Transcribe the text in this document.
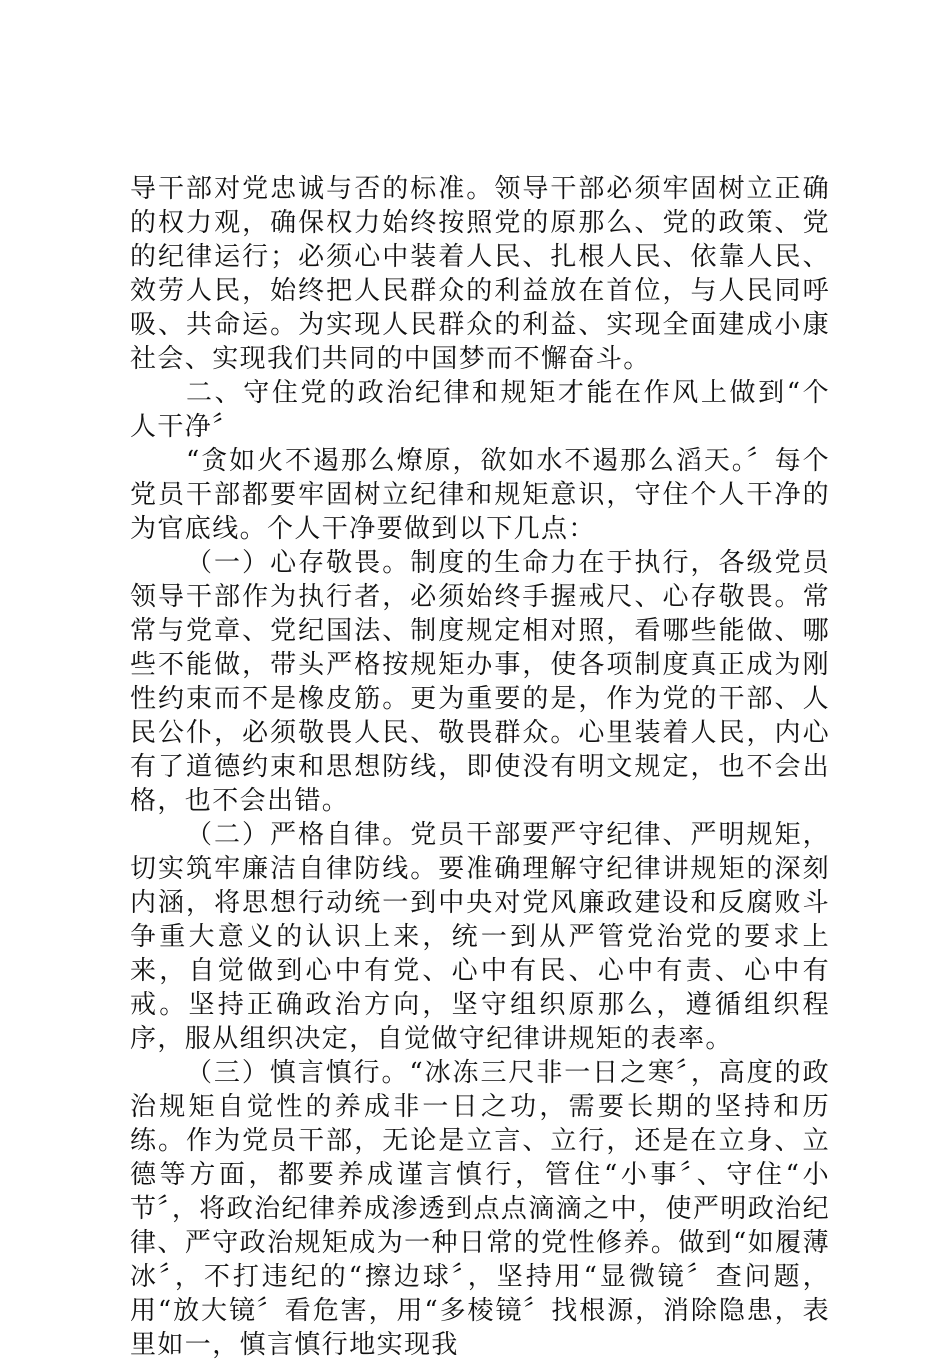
导干部对党忠诚与否的标准。领导干部必须牢固树立正确的权力观，确保权力始终按照党的原那么、党的政策、党的纪律运行；必须心中装着人民、扎根人民、依靠人民、效劳人民，始终把人民群众的利益放在首位，与人民同呼吸、共命运。为实现人民群众的利益、实现全面建成小康社会、实现我们共同的中国梦而不懈奋斗。

二、守住党的政治纪律和规矩才能在作风上做到“个人干净〞

“贪如火不遏那么燎原，欲如水不遏那么滔天。〞每个党员干部都要牢固树立纪律和规矩意识，守住个人干净的为官底线。个人干净要做到以下几点：

（一）心存敬畏。制度的生命力在于执行，各级党员领导干部作为执行者，必须始终手握戒尺、心存敬畏。常常与党章、党纪国法、制度规定相对照，看哪些能做、哪些不能做，带头严格按规矩办事，使各项制度真正成为刚性约束而不是橡皮筋。更为重要的是，作为党的干部、人民公仆，必须敬畏人民、敬畏群众。心里装着人民，内心有了道德约束和思想防线，即使没有明文规定，也不会出格，也不会出错。

（二）严格自律。党员干部要严守纪律、严明规矩，切实筑牢廉洁自律防线。要准确理解守纪律讲规矩的深刻内涵，将思想行动统一到中央对党风廉政建设和反腐败斗争重大意义的认识上来，统一到从严管党治党的要求上来，自觉做到心中有党、心中有民、心中有责、心中有戒。坚持正确政治方向，坚守组织原那么，遵循组织程序，服从组织决定，自觉做守纪律讲规矩的表率。

（三）慎言慎行。“冰冻三尺非一日之寒〞，高度的政治规矩自觉性的养成非一日之功，需要长期的坚持和历练。作为党员干部，无论是立言、立行，还是在立身、立德等方面，都要养成谨言慎行，管住“小事〞、守住“小节〞，将政治纪律养成渗透到点点滴滴之中，使严明政治纪律、严守政治规矩成为一种日常的党性修养。做到“如履薄冰〞，不打违纪的“擦边球〞，坚持用“显微镜〞查问题，用“放大镜〞看危害，用“多棱镜〞找根源，消除隐患，表里如一，慎言慎行地实现我
